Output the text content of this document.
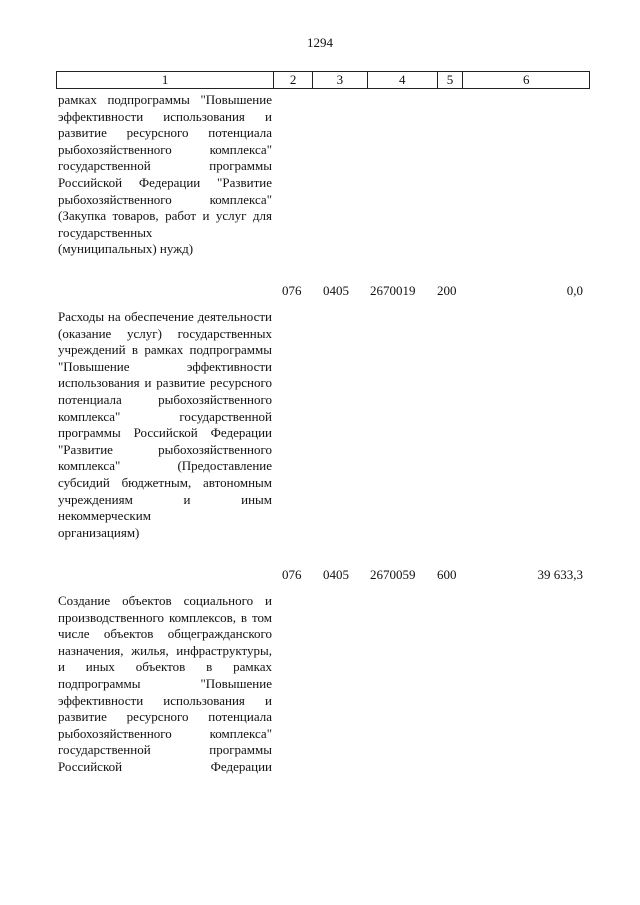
1294
1	2	3	4	5	6
рамках подпрограммы "Повышение эффективности использования и развитие ресурсного потенциала рыбохозяйственного комплекса" государственной программы Российской Федерации "Развитие рыбохозяйственного комплекса" (Закупка товаров, работ и услуг для государственных
(муниципальных) нужд)
076 0405 2670019 200	0,0
Расходы на обеспечение деятельности (оказание услуг) государственных учреждений в рамках подпрограммы "Повышение эффективности использования и развитие ресурсного потенциала рыбохозяйственного комплекса" государственной программы Российской Федерации "Развитие рыбохозяйственного комплекса" (Предоставление субсидий бюджетным, автономным учреждениям и иным некоммерческим
организациям)
076 0405 2670059 600	39 633,3
Создание объектов социального и производственного комплексов, в том числе объектов общегражданского назначения, жилья, инфраструктуры, и иных объектов в рамках подпрограммы "Повышение эффективности использования и развитие ресурсного потенциала рыбохозяйственного комплекса" государственной программы Российской Федерации
